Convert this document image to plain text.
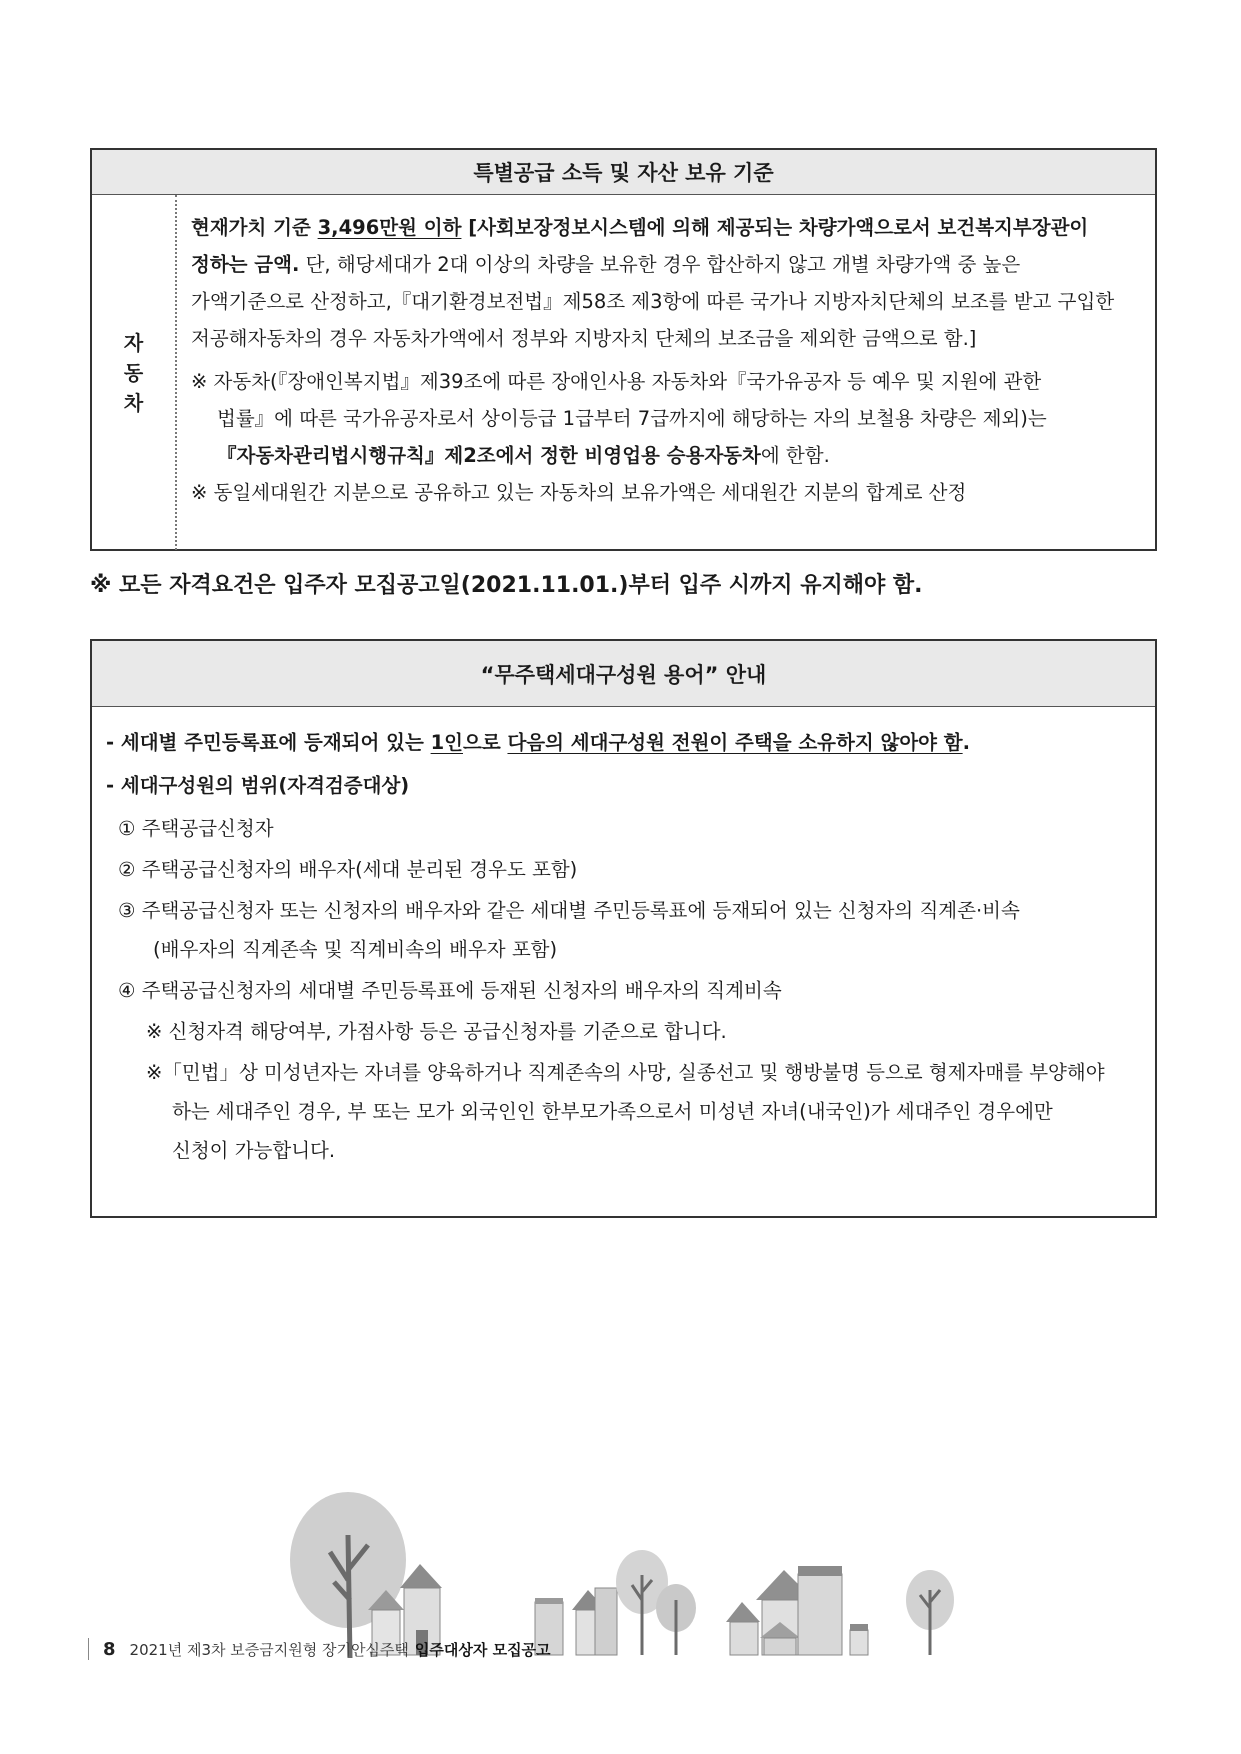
특별공급 소득 및 자산 보유 기준
자
동
차

현재가치 기준 3,496만원 이하 [사회보장정보시스템에 의해 제공되는 차량가액으로서 보건복지부장관이

정하는 금액. 단, 해당세대가 2대 이상의 차량을 보유한 경우 합산하지 않고 개별 차량가액 중 높은

가액기준으로 산정하고,『대기환경보전법』제58조 제3항에 따른 국가나 지방자치단체의 보조를 받고 구입한

저공해자동차의 경우 자동차가액에서 정부와 지방자치 단체의 보조금을 제외한 금액으로 함.]

※ 자동차(『장애인복지법』제39조에 따른 장애인사용 자동차와『국가유공자 등 예우 및 지원에 관한

법률』에 따른 국가유공자로서 상이등급 1급부터 7급까지에 해당하는 자의 보철용 차량은 제외)는

『자동차관리법시행규칙』제2조에서 정한 비영업용 승용자동차에 한함.

※ 동일세대원간 지분으로 공유하고 있는 자동차의 보유가액은 세대원간 지분의 합계로 산정

※ 모든 자격요건은 입주자 모집공고일(2021.11.01.)부터 입주 시까지 유지해야 함.
“무주택세대구성원 용어” 안내

- 세대별 주민등록표에 등재되어 있는 1인으로 다음의 세대구성원 전원이 주택을 소유하지 않아야 함.

- 세대구성원의 범위(자격검증대상)

① 주택공급신청자

② 주택공급신청자의 배우자(세대 분리된 경우도 포함)

③ 주택공급신청자 또는 신청자의 배우자와 같은 세대별 주민등록표에 등재되어 있는 신청자의 직계존·비속

(배우자의 직계존속 및 직계비속의 배우자 포함)

④ 주택공급신청자의 세대별 주민등록표에 등재된 신청자의 배우자의 직계비속

※ 신청자격 해당여부, 가점사항 등은 공급신청자를 기준으로 합니다.

※「민법」상 미성년자는 자녀를 양육하거나 직계존속의 사망, 실종선고 및 행방불명 등으로 형제자매를 부양해야

하는 세대주인 경우, 부 또는 모가 외국인인 한부모가족으로서 미성년 자녀(내국인)가 세대주인 경우에만

신청이 가능합니다.

8 2021년 제3차 보증금지원형 장기안심주택 입주대상자 모집공고
